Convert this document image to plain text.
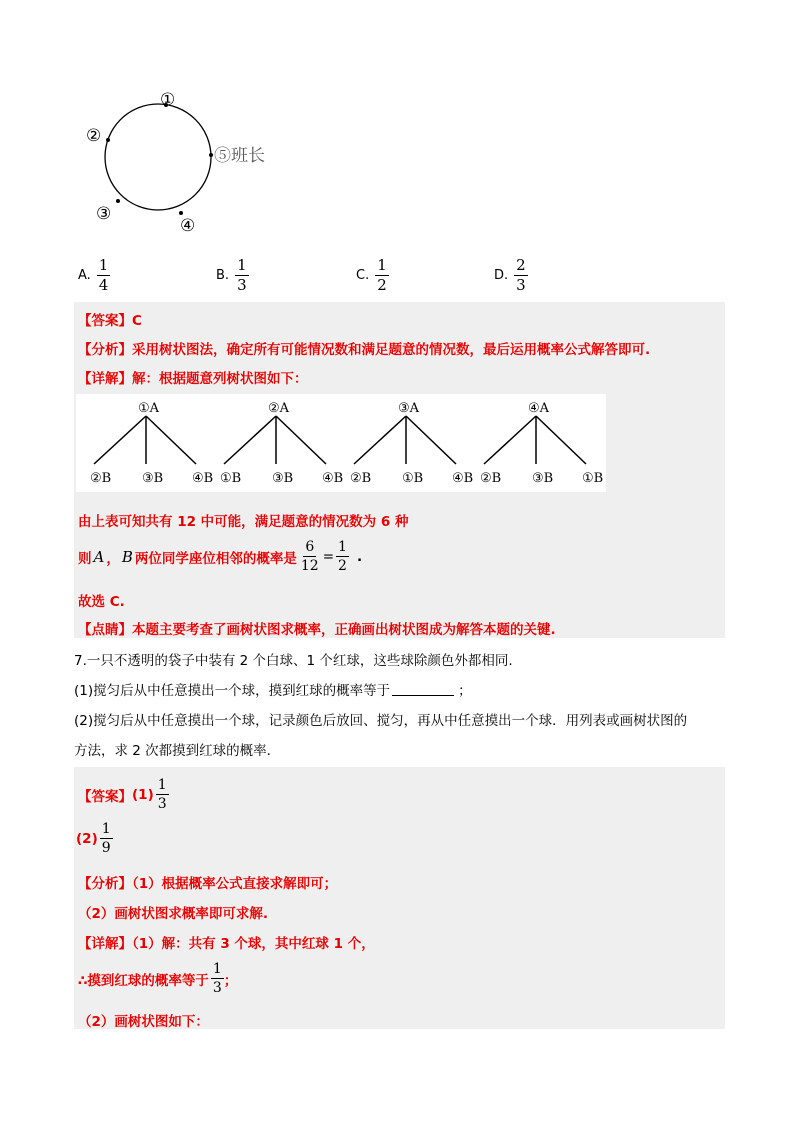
①
②
③
④
⑤班长
A. $\frac{1}{4}$	B. $\frac{1}{3}$	C. $\frac{1}{2}$	D. $\frac{2}{3}$
【答案】C
【分析】采用树状图法，确定所有可能情况数和满足题意的情况数，最后运用概率公式解答即可.
【详解】解：根据题意列树状图如下：
②B ③B ④B
①A
①B ③B ④B
②A
②B ①B ④B
③A
②B ③B ①B
④A
由上表可知共有 12 中可能，满足题意的情况数为 6 种
则 A ， B 两位同学座位相邻的概率是 $\frac{6}{12} = \frac{1}{2}$ .
故选 C.
【点睛】本题主要考查了画树状图求概率，正确画出树状图成为解答本题的关键.
7.一只不透明的袋子中装有 2 个白球、1 个红球，这些球除颜色外都相同.
(1)搅匀后从中任意摸出一个球，摸到红球的概率等于	；
(2)搅匀后从中任意摸出一个球，记录颜色后放回、搅匀，再从中任意摸出一个球．用列表或画树状图的
方法，求 2 次都摸到红球的概率．
【答案】 $(1) \frac{1}{3}$
$(2) \frac{1}{9}$
【分析】（1）根据概率公式直接求解即可；
（2）画树状图求概率即可求解.
【详解】（1）解：共有 3 个球，其中红球 1 个，
∴摸到红球的概率等于 $\frac{1}{3}$ ；
（2）画树状图如下：
